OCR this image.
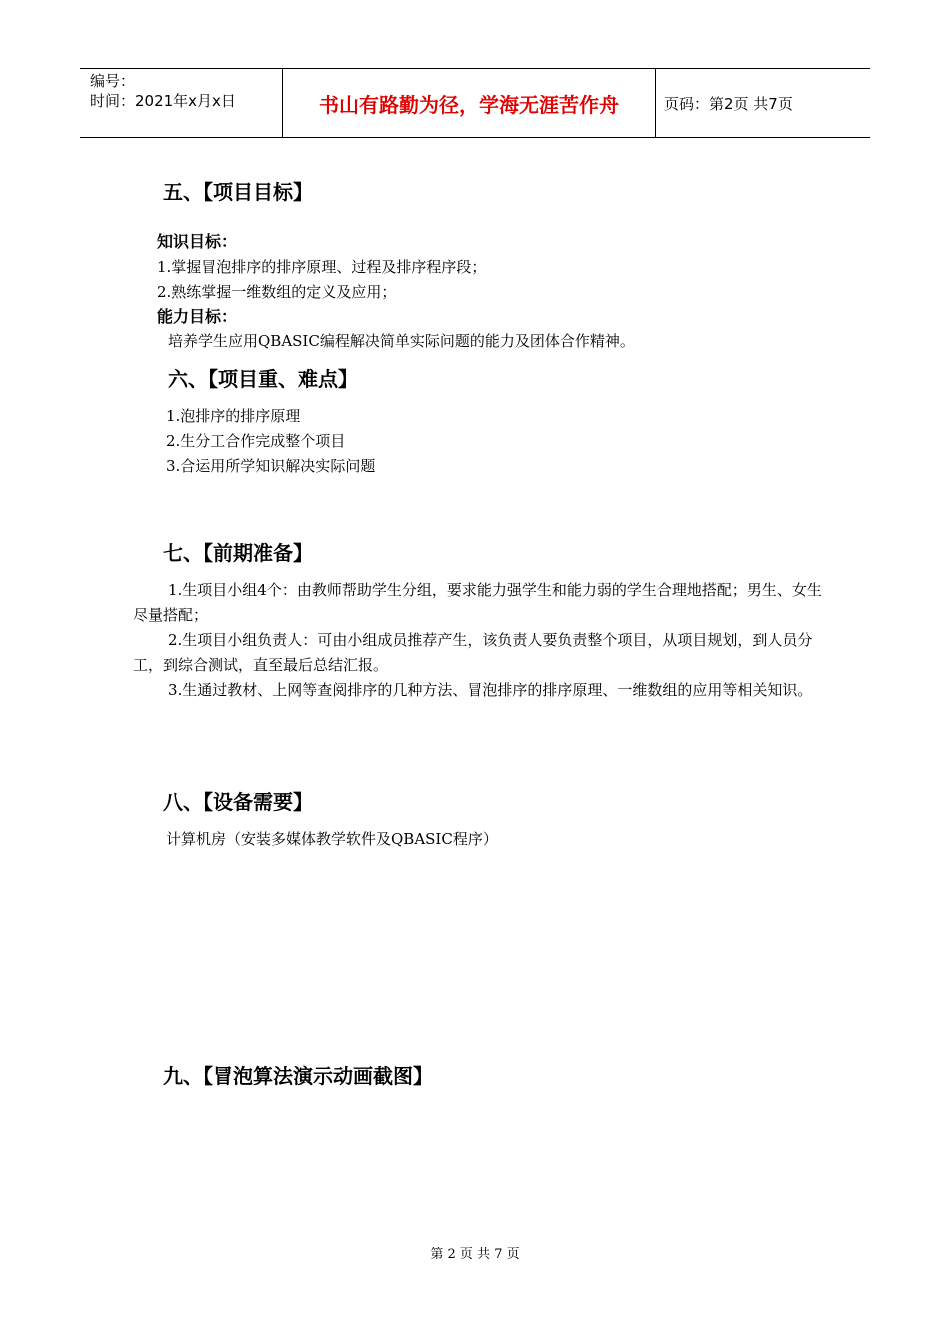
编号：
时间：2021年x月x日	书山有路勤为径，学海无涯苦作舟	页码：第2页 共7页
五、【项目目标】
知识目标：
1.掌握冒泡排序的排序原理、过程及排序程序段；
2.熟练掌握一维数组的定义及应用；
能力目标：
培养学生应用QBASIC编程解决简单实际问题的能力及团体合作精神。
六、【项目重、难点】
1.泡排序的排序原理
2.生分工合作完成整个项目
3.合运用所学知识解决实际问题
七、【前期准备】
1.生项目小组4个：由教师帮助学生分组，要求能力强学生和能力弱的学生合理地搭配；男生、女生尽量搭配；
2.生项目小组负责人：可由小组成员推荐产生，该负责人要负责整个项目，从项目规划，到人员分工，到综合测试，直至最后总结汇报。
3.生通过教材、上网等查阅排序的几种方法、冒泡排序的排序原理、一维数组的应用等相关知识。
八、【设备需要】
计算机房（安装多媒体教学软件及QBASIC程序）
九、【冒泡算法演示动画截图】
第 2 页 共 7 页
